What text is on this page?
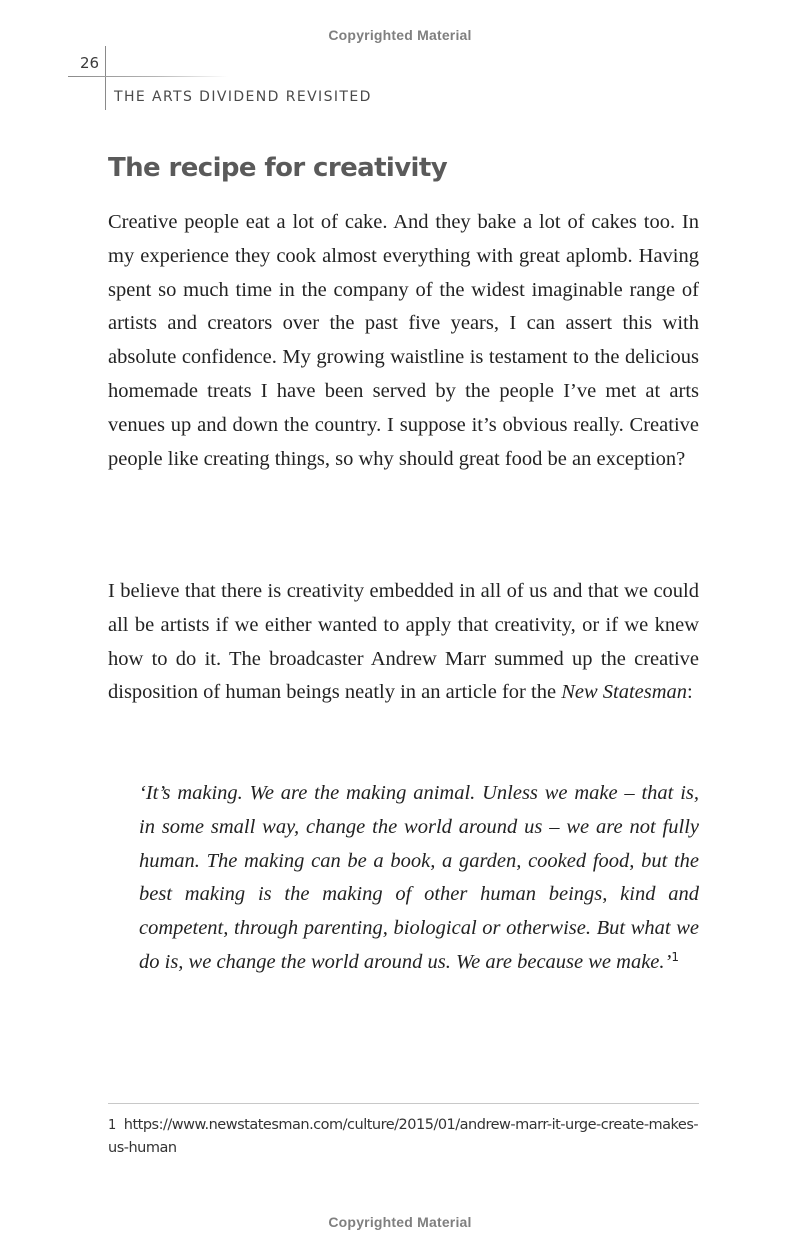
Copyrighted Material
26
THE ARTS DIVIDEND REVISITED
The recipe for creativity

Creative people eat a lot of cake. And they bake a lot of cakes too. In my experience they cook almost everything with great aplomb. Having spent so much time in the company of the widest imaginable range of artists and creators over the past five years, I can assert this with absolute confidence. My growing waistline is testament to the delicious homemade treats I have been served by the people I’ve met at arts venues up and down the country. I suppose it’s obvious really. Creative people like creating things, so why should great food be an exception?

I believe that there is creativity embedded in all of us and that we could all be artists if we either wanted to apply that creativity, or if we knew how to do it. The broadcaster Andrew Marr summed up the creative disposition of human beings neatly in an article for the New Statesman:

‘It’s making. We are the making animal. Unless we make – that is, in some small way, change the world around us – we are not fully human. The making can be a book, a garden, cooked food, but the best making is the making of other human beings, kind and competent, through parenting, biological or otherwise. But what we do is, we change the world around us. We are because we make.’$^1$

1 https://www.newstatesman.com/culture/2015/01/andrew-marr-it-urge-create-makes-us-human

Copyrighted Material
